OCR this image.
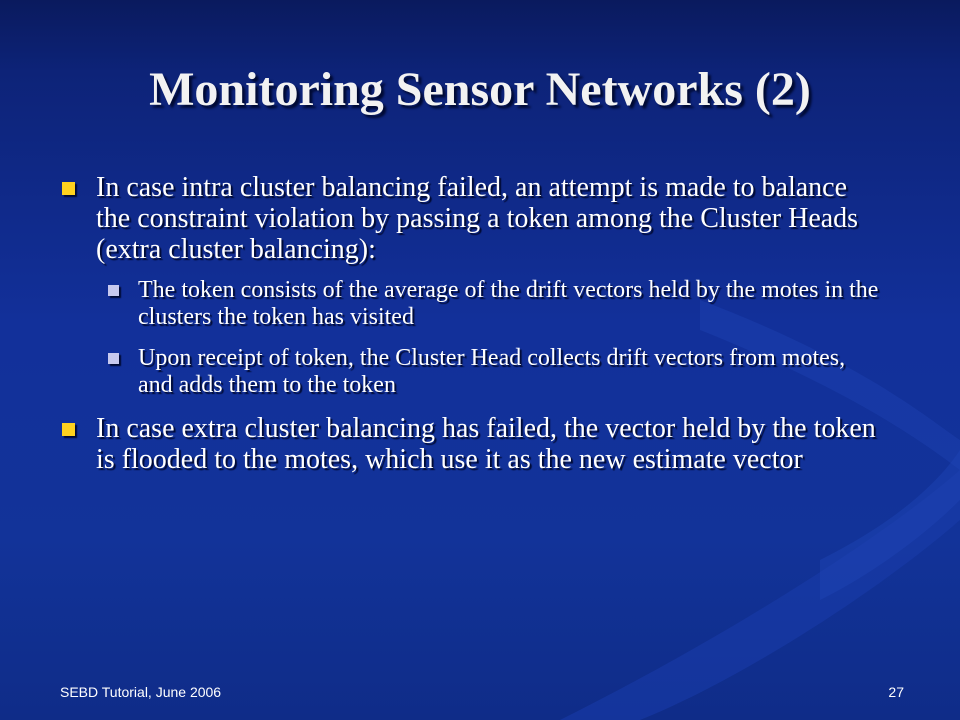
Monitoring Sensor Networks (2)
In case intra cluster balancing failed, an attempt is made to balance the constraint violation by passing a token among the Cluster Heads (extra cluster balancing):
The token consists of the average of the drift vectors held by the motes in the clusters the token has visited
Upon receipt of token, the Cluster Head collects drift vectors from motes, and adds them to the token
In case extra cluster balancing has failed, the vector held by the token is flooded to the motes, which use it as the new estimate vector
SEBD Tutorial, June 2006	27
